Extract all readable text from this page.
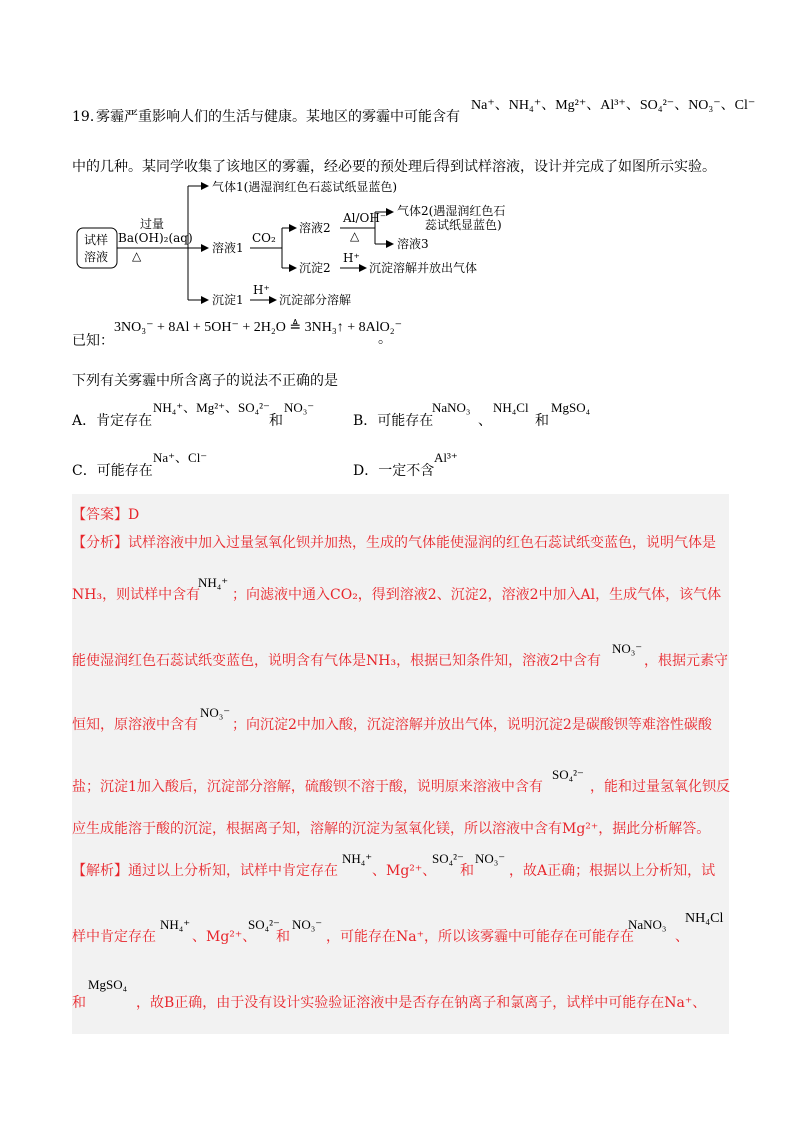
19．
雾霾严重影响人们的生活与健康。某地区的雾霾中可能含有
Na⁺、NH₄⁺、Mg²⁺、Al³⁺、SO₄²⁻、NO₃⁻、Cl⁻
中的几种。某同学收集了该地区的雾霾，经必要的预处理后得到试样溶液，设计并完成了如图所示实验。
试样
溶液
过量
Ba(OH)₂(aq)
△
气体1(遇湿润红色石蕊试纸显蓝色)
溶液1
沉淀1
CO₂
溶液2
沉淀2
Al/OH⁻
△
气体2(遇湿润红色石
蕊试纸显蓝色)
溶液3
H⁺
沉淀溶解并放出气体
H⁺
沉淀部分溶解
已知：
3NO₃⁻ + 8Al + 5OH⁻ + 2H₂O ≜ 3NH₃↑ + 8AlO₂⁻
。
下列有关雾霾中所含离子的说法不正确的是
A．肯定存在
NH₄⁺、Mg²⁺、SO₄²⁻
和
NO₃⁻
B．可能存在
NaNO₃
、
NH₄Cl
和
MgSO₄
C．可能存在
Na⁺、Cl⁻
D．一定不含
Al³⁺
【答案】D
【分析】试样溶液中加入过量氢氧化钡并加热，生成的气体能使湿润的红色石蕊试纸变蓝色，说明气体是
NH₃，则试样中含有
NH₄⁺
；向滤液中通入CO₂，得到溶液2、沉淀2，溶液2中加入Al，生成气体，该气体
能使湿润红色石蕊试纸变蓝色，说明含有气体是NH₃，根据已知条件知，溶液2中含有
NO₃⁻
，根据元素守
恒知，原溶液中含有
NO₃⁻
；向沉淀2中加入酸，沉淀溶解并放出气体，说明沉淀2是碳酸钡等难溶性碳酸
盐；沉淀1加入酸后，沉淀部分溶解，硫酸钡不溶于酸，说明原来溶液中含有
SO₄²⁻
，能和过量氢氧化钡反
应生成能溶于酸的沉淀，根据离子知，溶解的沉淀为氢氧化镁，所以溶液中含有Mg²⁺，据此分析解答。
【解析】通过以上分析知，试样中肯定存在
NH₄⁺
、Mg²⁺、
SO₄²⁻
和
NO₃⁻
，故A正确；根据以上分析知，试
样中肯定存在
NH₄⁺
、Mg²⁺、
SO₄²⁻
和
NO₃⁻
，可能存在Na⁺，所以该雾霾中可能存在可能存在
NaNO₃
、
NH₄Cl
和
MgSO₄
，故B正确，由于没有设计实验验证溶液中是否存在钠离子和氯离子，试样中可能存在Na⁺、
